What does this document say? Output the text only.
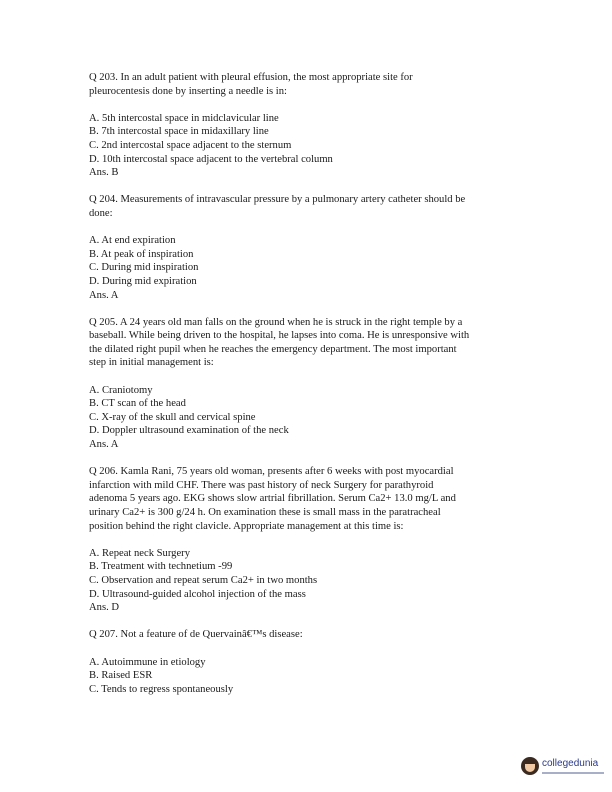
Q 203. In an adult patient with pleural effusion, the most appropriate site for
pleurocentesis done by inserting a needle is in:
A. 5th intercostal space in midclavicular line
B. 7th intercostal space in midaxillary line
C. 2nd intercostal space adjacent to the sternum
D. 10th intercostal space adjacent to the vertebral column
Ans. B
Q 204. Measurements of intravascular pressure by a pulmonary artery catheter should be
done:
A. At end expiration
B. At peak of inspiration
C. During mid inspiration
D. During mid expiration
Ans. A
Q 205. A 24 years old man falls on the ground when he is struck in the right temple by a
baseball. While being driven to the hospital, he lapses into coma. He is unresponsive with
the dilated right pupil when he reaches the emergency department. The most important
step in initial management is:
A. Craniotomy
B. CT scan of the head
C. X-ray of the skull and cervical spine
D. Doppler ultrasound examination of the neck
Ans. A
Q 206. Kamla Rani, 75 years old woman, presents after 6 weeks with post myocardial
infarction with mild CHF. There was past history of neck Surgery for parathyroid
adenoma 5 years ago. EKG shows slow artrial fibrillation. Serum Ca2+ 13.0 mg/L and
urinary Ca2+ is 300 g/24 h. On examination these is small mass in the paratracheal
position behind the right clavicle. Appropriate management at this time is:
A. Repeat neck Surgery
B. Treatment with technetium -99
C. Observation and repeat serum Ca2+ in two months
D. Ultrasound-guided alcohol injection of the mass
Ans. D
Q 207. Not a feature of de Quervainâ€™s disease:
A. Autoimmune in etiology
B. Raised ESR
C. Tends to regress spontaneously
collegedunia
